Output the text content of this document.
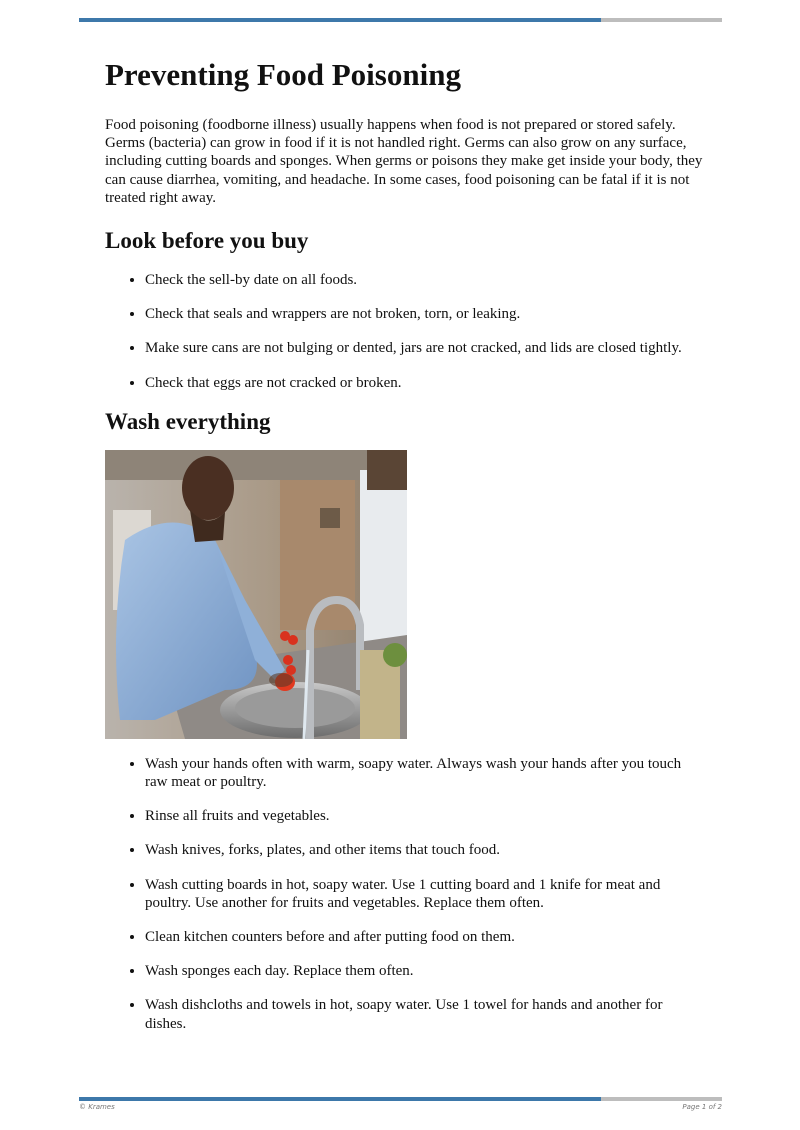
Preventing Food Poisoning

Food poisoning (foodborne illness) usually happens when food is not prepared or stored safely. Germs (bacteria) can grow in food if it is not handled right. Germs can also grow on any surface, including cutting boards and sponges. When germs or poisons they make get inside your body, they can cause diarrhea, vomiting, and headache. In some cases, food poisoning can be fatal if it is not treated right away.

Look before you buy
• Check the sell-by date on all foods.
• Check that seals and wrappers are not broken, torn, or leaking.
• Make sure cans are not bulging or dented, jars are not cracked, and lids are closed tightly.
• Check that eggs are not cracked or broken.
Wash everything
• Wash your hands often with warm, soapy water. Always wash your hands after you touch raw meat or poultry.
• Rinse all fruits and vegetables.
• Wash knives, forks, plates, and other items that touch food.
• Wash cutting boards in hot, soapy water. Use 1 cutting board and 1 knife for meat and poultry. Use another for fruits and vegetables. Replace them often.
• Clean kitchen counters before and after putting food on them.
• Wash sponges each day. Replace them often.
• Wash dishcloths and towels in hot, soapy water. Use 1 towel for hands and another for dishes.
© Krames	Page 1 of 2
